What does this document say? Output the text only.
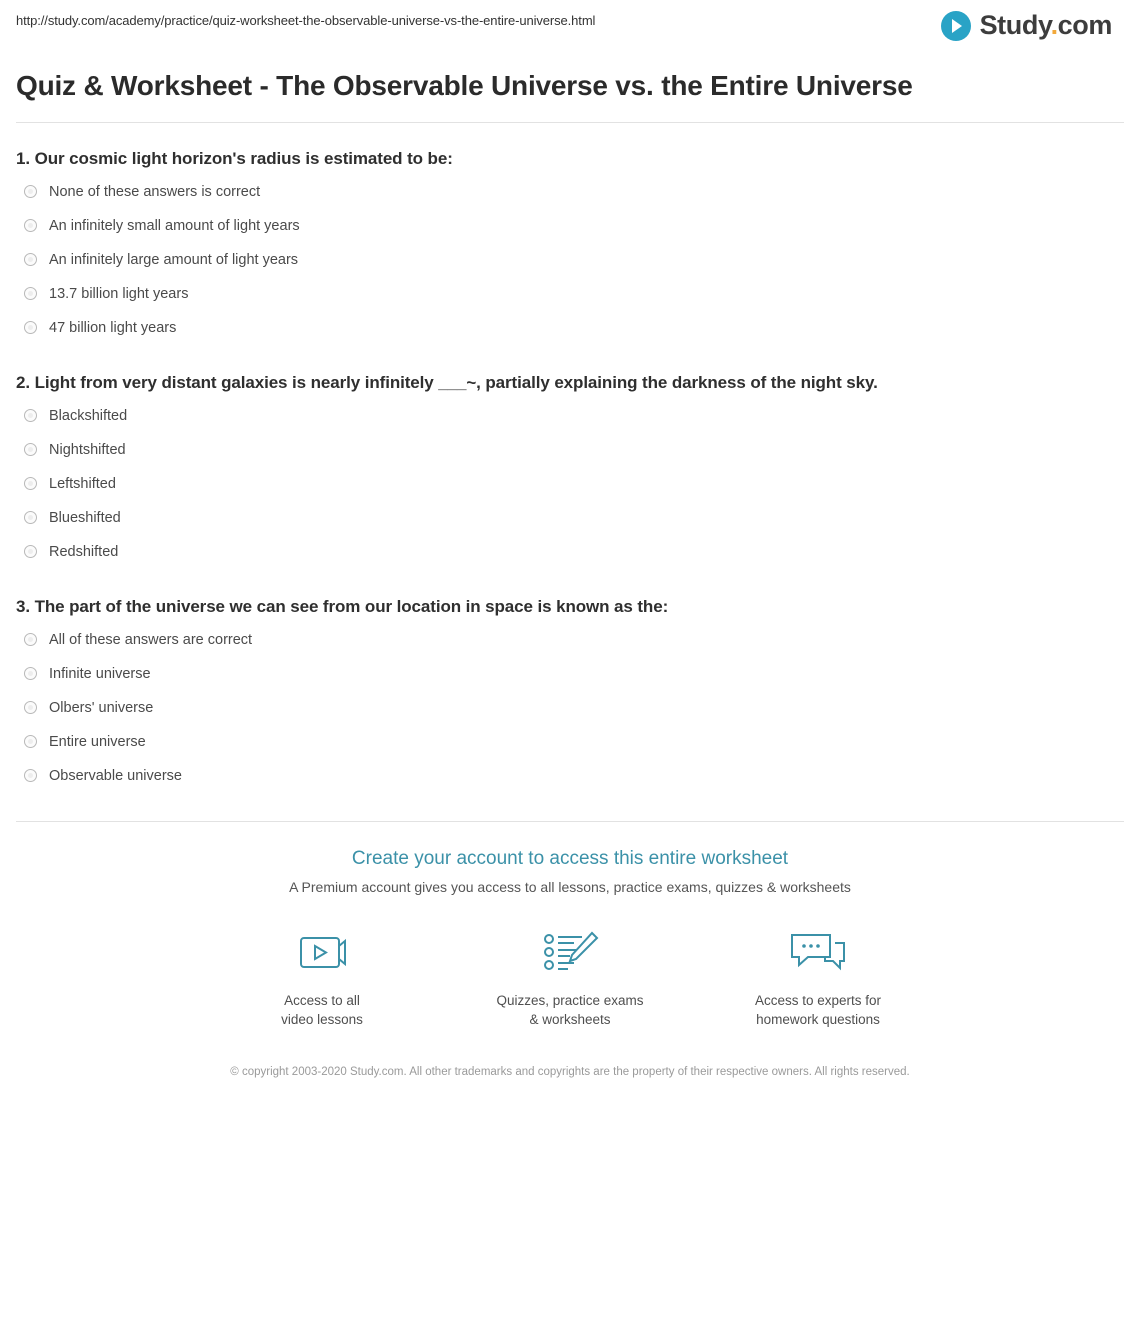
http://study.com/academy/practice/quiz-worksheet-the-observable-universe-vs-the-entire-universe.html	Study.com
Quiz & Worksheet - The Observable Universe vs. the Entire Universe
1. Our cosmic light horizon's radius is estimated to be:
None of these answers is correct
An infinitely small amount of light years
An infinitely large amount of light years
13.7 billion light years
47 billion light years
2. Light from very distant galaxies is nearly infinitely ___~, partially explaining the darkness of the night sky.
Blackshifted
Nightshifted
Leftshifted
Blueshifted
Redshifted
3. The part of the universe we can see from our location in space is known as the:
All of these answers are correct
Infinite universe
Olbers' universe
Entire universe
Observable universe
Create your account to access this entire worksheet
A Premium account gives you access to all lessons, practice exams, quizzes & worksheets
Access to all
video lessons
Quizzes, practice exams
& worksheets
Access to experts for
homework questions
© copyright 2003-2020 Study.com. All other trademarks and copyrights are the property of their respective owners. All rights reserved.
